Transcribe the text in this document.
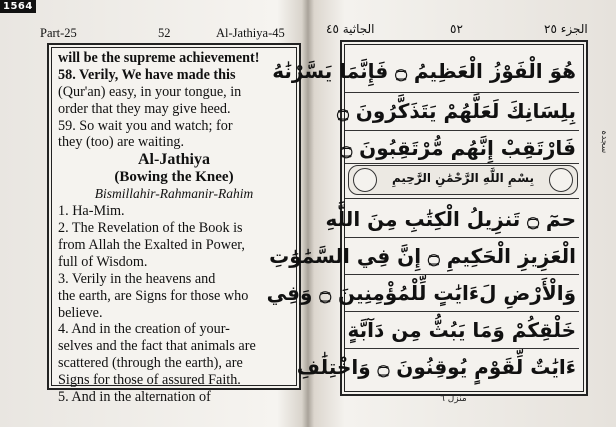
1564
Part-25	52	Al-Jathiya-45
will be the supreme achievement!
58. Verily, We have made this
(Qur'an) easy, in your tongue, in
order that they may give heed.
59. So wait you and watch; for
they (too) are waiting.
Al-Jathiya
(Bowing the Knee)
Bismillahir-Rahmanir-Rahim
1. Ha-Mim.
2. The Revelation of the Book is
from Allah the Exalted in Power,
full of Wisdom.
3. Verily in the heavens and
the earth, are Signs for those who
believe.
4. And in the creation of your-
selves and the fact that animals are
scattered (through the earth), are
Signs for those of assured Faith.
5. And in the alternation of
الجاثية ٤٥	٥٢	الجزء ٢٥
هُوَ الْفَوْزُ الْعَظِيمُ ۝ فَإِنَّمَا يَسَّرْنَٰهُ
بِلِسَانِكَ لَعَلَّهُمْ يَتَذَكَّرُونَ ۝
فَارْتَقِبْ إِنَّهُم مُّرْتَقِبُونَ ۝
بِسْمِ اللَّهِ الرَّحْمَٰنِ الرَّحِيمِ
حمٓ ۝ تَنزِيلُ الْكِتَٰبِ مِنَ اللَّهِ
الْعَزِيزِ الْحَكِيمِ ۝ إِنَّ فِي السَّمَٰوَٰتِ
وَالْأَرْضِ لَءَايَٰتٍ لِّلْمُؤْمِنِينَ ۝ وَفِي
خَلْقِكُمْ وَمَا يَبُثُّ مِن دَآبَّةٍ
ءَايَٰتٌ لِّقَوْمٍ يُوقِنُونَ ۝ وَاخْتِلَٰفِ
سجدہ
منزل ٦
